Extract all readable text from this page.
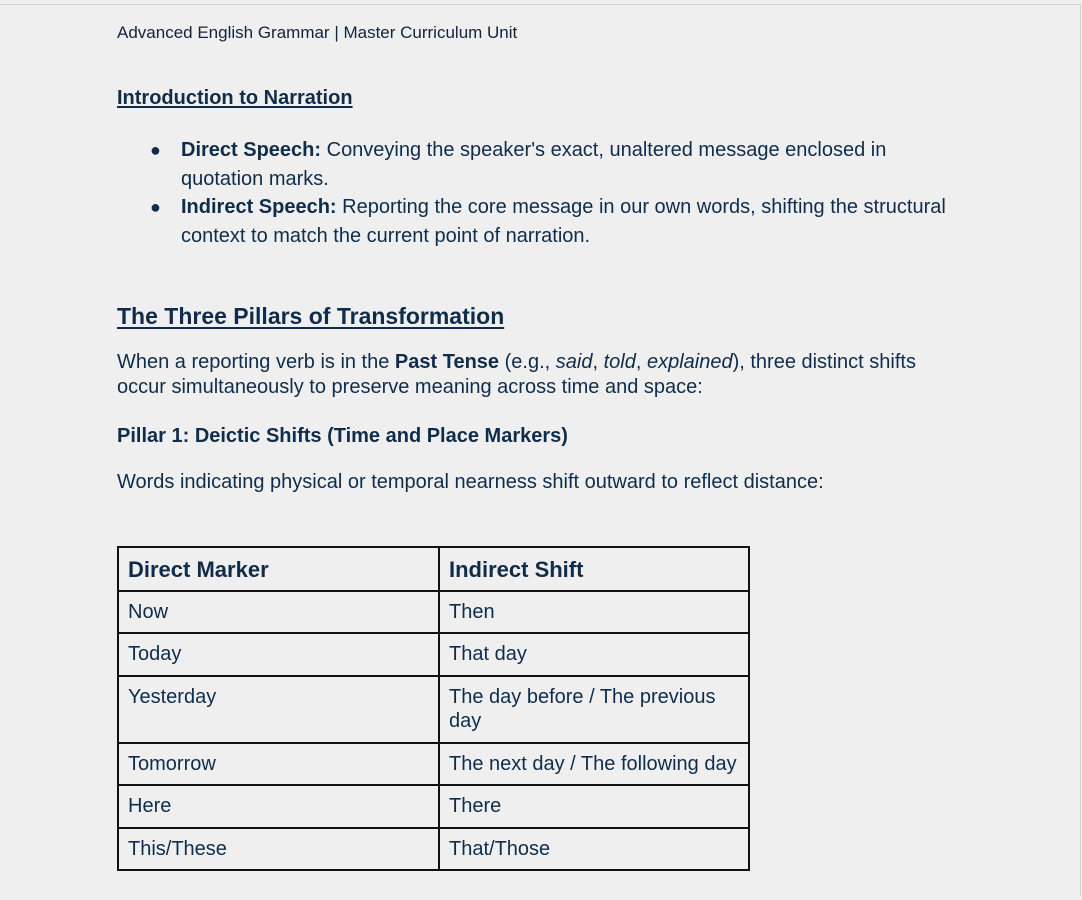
Advanced English Grammar | Master Curriculum Unit
Introduction to Narration
● Direct Speech: Conveying the speaker's exact, unaltered message enclosed in quotation marks.
● Indirect Speech: Reporting the core message in our own words, shifting the structural context to match the current point of narration.
The Three Pillars of Transformation
When a reporting verb is in the Past Tense (e.g., said, told, explained), three distinct shifts occur simultaneously to preserve meaning across time and space:
Pillar 1: Deictic Shifts (Time and Place Markers)
Words indicating physical or temporal nearness shift outward to reflect distance:
Direct Marker	Indirect Shift
Now	Then
Today	That day
Yesterday	The day before / The previous day
Tomorrow	The next day / The following day
Here	There
This/These	That/Those
